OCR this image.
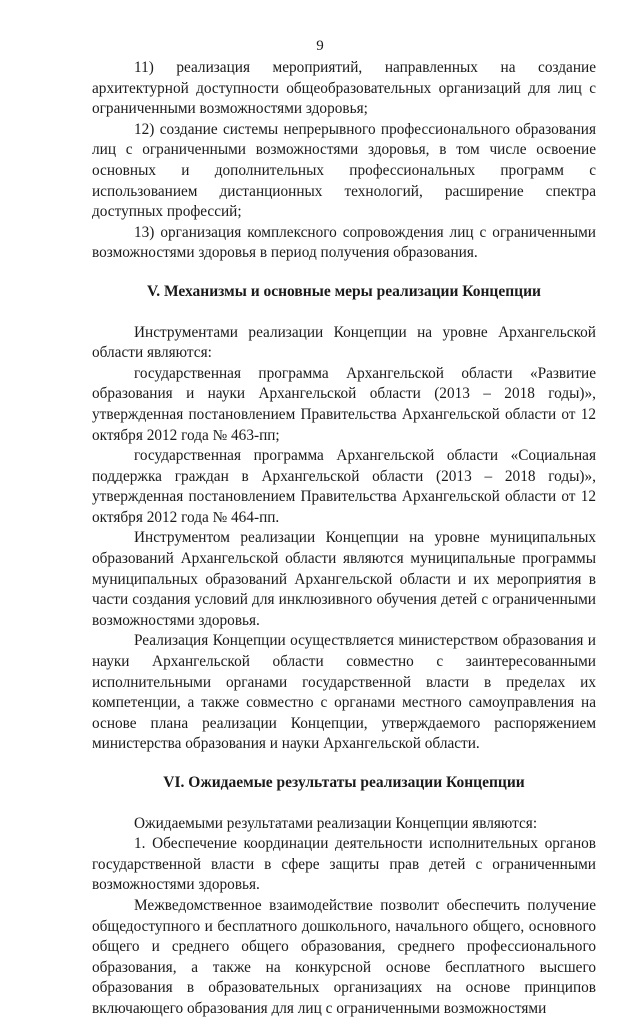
9

11) реализация мероприятий, направленных на создание архитектурной доступности общеобразовательных организаций для лиц с ограниченными возможностями здоровья;

12) создание системы непрерывного профессионального образования лиц с ограниченными возможностями здоровья, в том числе освоение основных и дополнительных профессиональных программ с использованием дистанционных технологий, расширение спектра доступных профессий;

13) организация комплексного сопровождения лиц с ограниченными возможностями здоровья в период получения образования.

V. Механизмы и основные меры реализации Концепции

Инструментами реализации Концепции на уровне Архангельской области являются:

государственная программа Архангельской области «Развитие образования и науки Архангельской области (2013 – 2018 годы)», утвержденная постановлением Правительства Архангельской области от 12 октября 2012 года № 463-пп;

государственная программа Архангельской области «Социальная поддержка граждан в Архангельской области (2013 – 2018 годы)», утвержденная постановлением Правительства Архангельской области от 12 октября 2012 года № 464-пп.

Инструментом реализации Концепции на уровне муниципальных образований Архангельской области являются муниципальные программы муниципальных образований Архангельской области и их мероприятия в части создания условий для инклюзивного обучения детей с ограниченными возможностями здоровья.

Реализация Концепции осуществляется министерством образования и науки Архангельской области совместно с заинтересованными исполнительными органами государственной власти в пределах их компетенции, а также совместно с органами местного самоуправления на основе плана реализации Концепции, утверждаемого распоряжением министерства образования и науки Архангельской области.

VI. Ожидаемые результаты реализации Концепции

Ожидаемыми результатами реализации Концепции являются:

1. Обеспечение координации деятельности исполнительных органов государственной власти в сфере защиты прав детей с ограниченными возможностями здоровья.

Межведомственное взаимодействие позволит обеспечить получение общедоступного и бесплатного дошкольного, начального общего, основного общего и среднего общего образования, среднего профессионального образования, а также на конкурсной основе бесплатного высшего образования в образовательных организациях на основе принципов включающего образования для лиц с ограниченными возможностями
